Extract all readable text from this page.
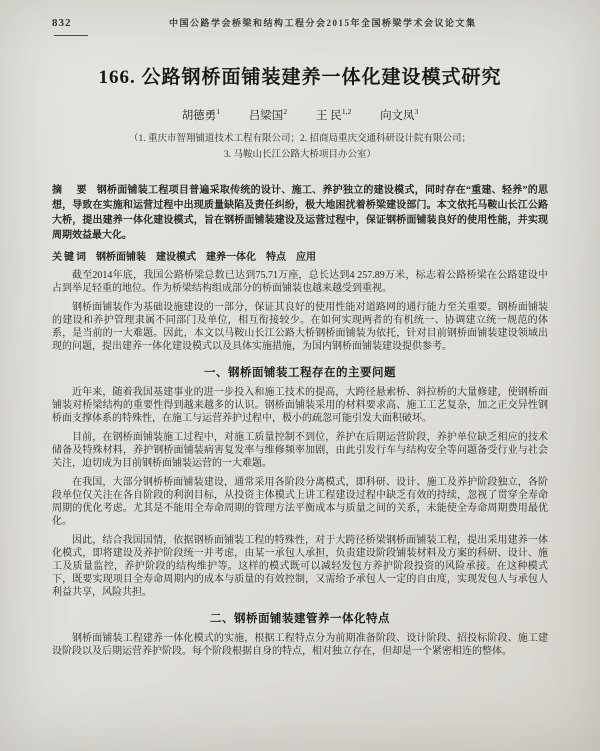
832	中国公路学会桥梁和结构工程分会2015年全国桥梁学术会议论文集
166. 公路钢桥面铺装建养一体化建设模式研究
胡德勇$^1$	吕梁国$^2$	王 民$^{1,2}$	向文凤$^3$
（1. 重庆市智翔铺道技术工程有限公司；2. 招商局重庆交通科研设计院有限公司；
3. 马鞍山长江公路大桥项目办公室）

摘　要 钢桥面铺装工程项目普遍采取传统的设计、施工、养护独立的建设模式，同时存在“重建、轻养”的思想，导致在实施和运营过程中出现质量缺陷及责任纠纷，极大地困扰着桥梁建设部门。本文依托马鞍山长江公路大桥，提出建养一体化建设模式，旨在钢桥面铺装建设及运营过程中，保证钢桥面铺装良好的使用性能，并实现周期效益最大化。

关键词 钢桥面铺装　建设模式　建养一体化　特点　应用

截至2014年底，我国公路桥梁总数已达到75.71万座，总长达到4 257.89万米，标志着公路桥梁在公路建设中占到举足轻重的地位。作为桥梁结构组成部分的桥面铺装也越来越受到重视。

钢桥面铺装作为基础设施建设的一部分，保证其良好的使用性能对道路网的通行能力至关重要。钢桥面铺装的建设和养护管理隶属不同部门及单位，相互衔接较少。在如何实现两者的有机统一、协调建立统一规范的体系，是当前的一大难题。因此，本文以马鞍山长江公路大桥钢桥面铺装为依托，针对目前钢桥面铺装建设领域出现的问题，提出建养一体化建设模式以及具体实施措施，为国内钢桥面铺装建设提供参考。

一、钢桥面铺装工程存在的主要问题

近年来，随着我国基建事业的进一步投入和施工技术的提高，大跨径悬索桥、斜拉桥的大量修建，使钢桥面铺装对桥梁结构的重要性得到越来越多的认识。钢桥面铺装采用的材料要求高、施工工艺复杂，加之正交异性钢桥面支撑体系的特殊性，在施工与运营养护过程中，极小的疏忽可能引发大面积破坏。

目前，在钢桥面铺装施工过程中，对施工质量控制不到位，养护在后期运营阶段，养护单位缺乏相应的技术储备及特殊材料，养护钢桥面铺装病害复发率与维修频率加剧，由此引发行车与结构安全等问题备受行业与社会关注，迫切成为目前钢桥面铺装运营的一大难题。

在我国，大部分钢桥桥面铺装建设，通常采用各阶段分离模式，即科研、设计、施工及养护阶段独立，各阶段单位仅关注在各自阶段的利润目标，从投资主体模式上讲工程建设过程中缺乏有效的持续，忽视了贯穿全寿命周期的优化考虑。尤其是不能用全寿命周期的管理方法平衡成本与质量之间的关系，未能使全寿命周期费用最优化。

因此，结合我国国情，依据钢桥面铺装工程的特殊性，对于大跨径桥梁钢桥面铺装工程，提出采用建养一体化模式，即将建设及养护阶段统一并考虑，由某一承包人承担，负责建设阶段铺装材料及方案的科研、设计、施工及质量监控，养护阶段的结构维护等。这样的模式既可以减轻发包方养护阶段投资的风险承接。在这种模式下，既要实现项目全寿命周期内的成本与质量的有效控制，又需给予承包人一定的自由度，实现发包人与承包人利益共享，风险共担。

二、钢桥面铺装建管养一体化特点

钢桥面铺装工程建养一体化模式的实施，根据工程特点分为前期准备阶段、设计阶段、招投标阶段、施工建设阶段以及后期运营养护阶段。每个阶段根据自身的特点，相对独立存在，但却是一个紧密相连的整体。
